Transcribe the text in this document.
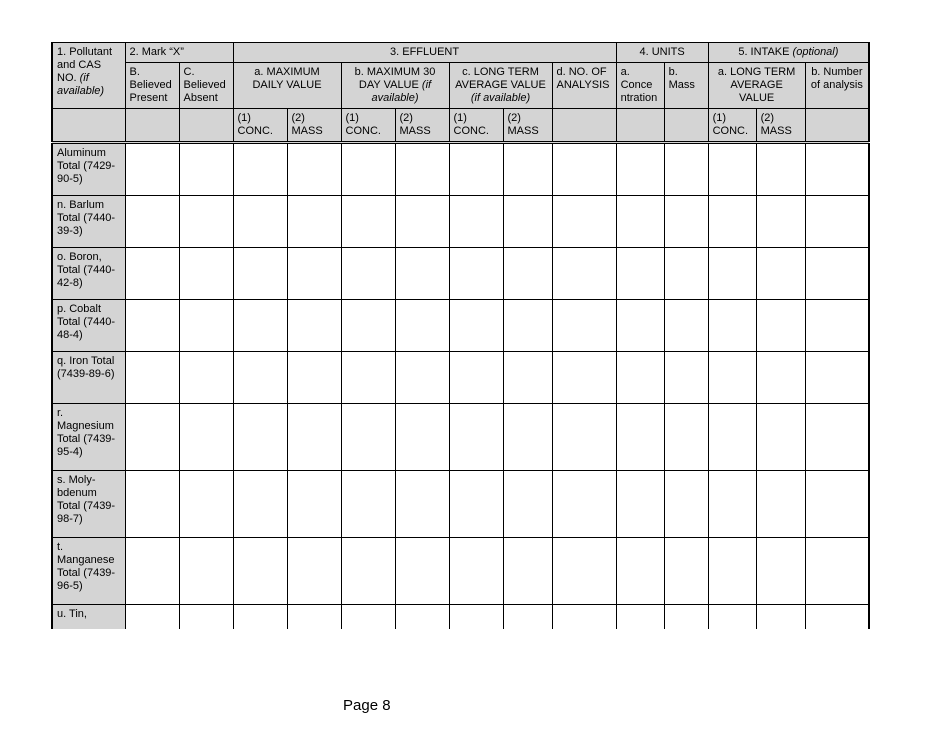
1. Pollutant and CAS NO. (if available)	2. Mark “X”		3. EFFLUENT							4. UNITS		5. INTAKE (optional)		
	B. Believed Present	C. Believed Absent	a. MAXIMUM DAILY VALUE		b. MAXIMUM 30 DAY VALUE (if available)		c. LONG TERM AVERAGE VALUE (if available)		d. NO. OF ANALYSIS	a. Conce ntration	b. Mass	a. LONG TERM AVERAGE VALUE		b. Number of analysis
			(1) CONC.	(2) MASS	(1) CONC.	(2) MASS	(1) CONC.	(2) MASS				(1) CONC.	(2) MASS	
Aluminum Total (7429-90-5)														
n. Barlum Total (7440-39-3)														
o. Boron, Total (7440-42-8)														
p. Cobalt Total (7440-48-4)														
q. Iron Total (7439-89-6)														
r. Magnesium Total (7439-95-4)														
s. Moly- bdenum Total (7439-98-7)														
t. Manganese Total (7439-96-5)														
u. Tin,														
Page 8
